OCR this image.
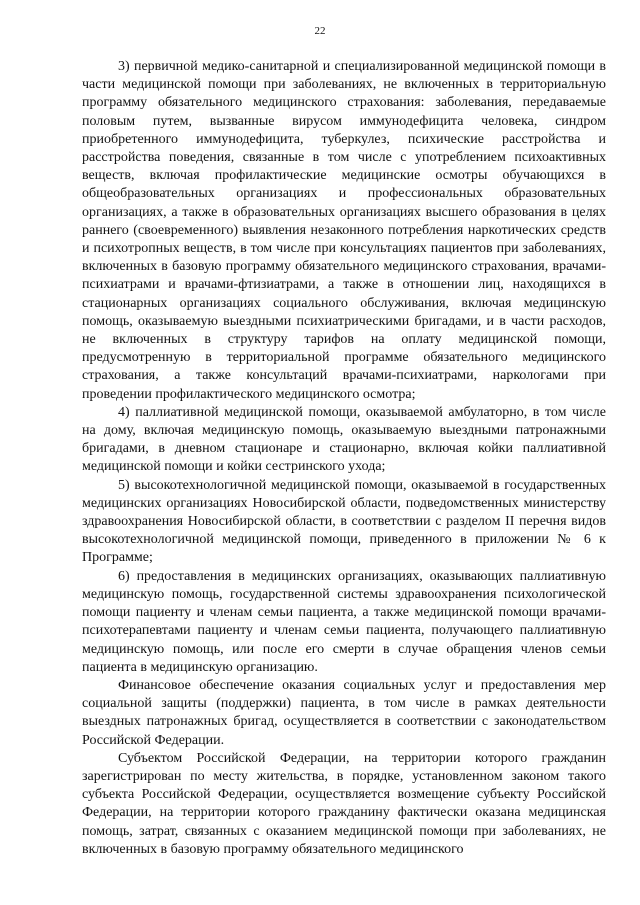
22

3) первичной медико-санитарной и специализированной медицинской помощи в части медицинской помощи при заболеваниях, не включенных в территориальную программу обязательного медицинского страхования: заболевания, передаваемые половым путем, вызванные вирусом иммунодефицита человека, синдром приобретенного иммунодефицита, туберкулез, психические расстройства и расстройства поведения, связанные в том числе с употреблением психоактивных веществ, включая профилактические медицинские осмотры обучающихся в общеобразовательных организациях и профессиональных образовательных организациях, а также в образовательных организациях высшего образования в целях раннего (своевременного) выявления незаконного потребления наркотических средств и психотропных веществ, в том числе при консультациях пациентов при заболеваниях, включенных в базовую программу обязательного медицинского страхования, врачами-психиатрами и врачами-фтизиатрами, а также в отношении лиц, находящихся в стационарных организациях социального обслуживания, включая медицинскую помощь, оказываемую выездными психиатрическими бригадами, и в части расходов, не включенных в структуру тарифов на оплату медицинской помощи, предусмотренную в территориальной программе обязательного медицинского страхования, а также консультаций врачами-психиатрами, наркологами при проведении профилактического медицинского осмотра;

4) паллиативной медицинской помощи, оказываемой амбулаторно, в том числе на дому, включая медицинскую помощь, оказываемую выездными патронажными бригадами, в дневном стационаре и стационарно, включая койки паллиативной медицинской помощи и койки сестринского ухода;

5) высокотехнологичной медицинской помощи, оказываемой в государственных медицинских организациях Новосибирской области, подведомственных министерству здравоохранения Новосибирской области, в соответствии с разделом II перечня видов высокотехнологичной медицинской помощи, приведенного в приложении № 6 к Программе;

6) предоставления в медицинских организациях, оказывающих паллиативную медицинскую помощь, государственной системы здравоохранения психологической помощи пациенту и членам семьи пациента, а также медицинской помощи врачами-психотерапевтами пациенту и членам семьи пациента, получающего паллиативную медицинскую помощь, или после его смерти в случае обращения членов семьи пациента в медицинскую организацию.

Финансовое обеспечение оказания социальных услуг и предоставления мер социальной защиты (поддержки) пациента, в том числе в рамках деятельности выездных патронажных бригад, осуществляется в соответствии с законодательством Российской Федерации.

Субъектом Российской Федерации, на территории которого гражданин зарегистрирован по месту жительства, в порядке, установленном законом такого субъекта Российской Федерации, осуществляется возмещение субъекту Российской Федерации, на территории которого гражданину фактически оказана медицинская помощь, затрат, связанных с оказанием медицинской помощи при заболеваниях, не включенных в базовую программу обязательного медицинского
